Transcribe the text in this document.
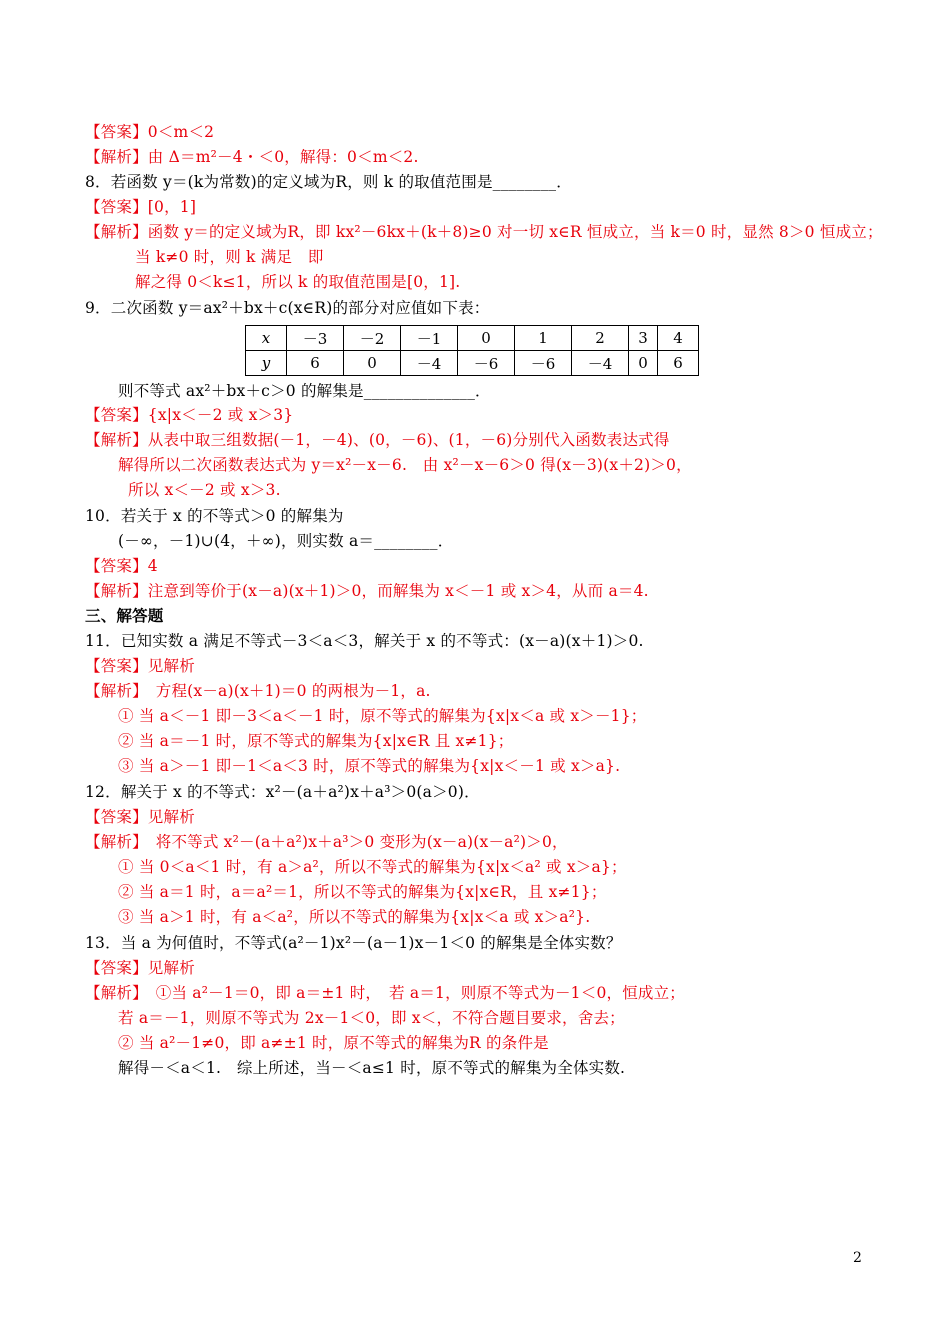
【答案】0＜m＜2
【解析】由 Δ＝m²－4・＜0，解得：0＜m＜2.
8．若函数 y＝(k为常数)的定义域为R，则 k 的取值范围是________．
【答案】[0，1]
【解析】函数 y＝的定义域为R，即 kx²－6kx＋(k＋8)≥0 对一切 x∈R 恒成立，当 k＝0 时，显然 8＞0 恒成立；
当 k≠0 时，则 k 满足　即
解之得 0＜k≤1，所以 k 的取值范围是[0，1].
9．二次函数 y＝ax²＋bx＋c(x∈R)的部分对应值如下表：
x	－3	－2	－1	0	1	2	3	4
y	6	0	－4	－6	－6	－4	0	6
则不等式 ax²＋bx＋c＞0 的解集是______________．
【答案】{x|x＜－2 或 x＞3}
【解析】从表中取三组数据(－1，－4)、(0，－6)、(1，－6)分别代入函数表达式得
解得所以二次函数表达式为 y＝x²－x－6.　由 x²－x－6＞0 得(x－3)(x＋2)＞0，
所以 x＜－2 或 x＞3.
10．若关于 x 的不等式＞0 的解集为
(－∞，－1)∪(4，＋∞)，则实数 a＝________．
【答案】4
【解析】注意到等价于(x－a)(x＋1)＞0，而解集为 x＜－1 或 x＞4，从而 a＝4.
三、解答题
11．已知实数 a 满足不等式－3＜a＜3，解关于 x 的不等式：(x－a)(x＋1)＞0.
【答案】见解析
【解析】　方程(x－a)(x＋1)＝0 的两根为－1，a.
① 当 a＜－1 即－3＜a＜－1 时，原不等式的解集为{x|x＜a 或 x＞－1}；
② 当 a＝－1 时，原不等式的解集为{x|x∈R 且 x≠1}；
③ 当 a＞－1 即－1＜a＜3 时，原不等式的解集为{x|x＜－1 或 x＞a}.
12．解关于 x 的不等式：x²－(a＋a²)x＋a³＞0(a＞0)．
【答案】见解析
【解析】　将不等式 x²－(a＋a²)x＋a³＞0 变形为(x－a)(x－a²)＞0，
① 当 0＜a＜1 时，有 a＞a²，所以不等式的解集为{x|x＜a² 或 x＞a}；
② 当 a＝1 时，a＝a²＝1，所以不等式的解集为{x|x∈R，且 x≠1}；
③ 当 a＞1 时，有 a＜a²，所以不等式的解集为{x|x＜a 或 x＞a²}.
13．当 a 为何值时，不等式(a²－1)x²－(a－1)x－1＜0 的解集是全体实数？
【答案】见解析
【解析】　①当 a²－1＝0，即 a＝±1 时，　若 a＝1，则原不等式为－1＜0，恒成立；
若 a＝－1，则原不等式为 2x－1＜0，即 x＜，不符合题目要求，舍去；
② 当 a²－1≠0，即 a≠±1 时，原不等式的解集为R 的条件是
解得－＜a＜1.　综上所述，当－＜a≤1 时，原不等式的解集为全体实数.
2
